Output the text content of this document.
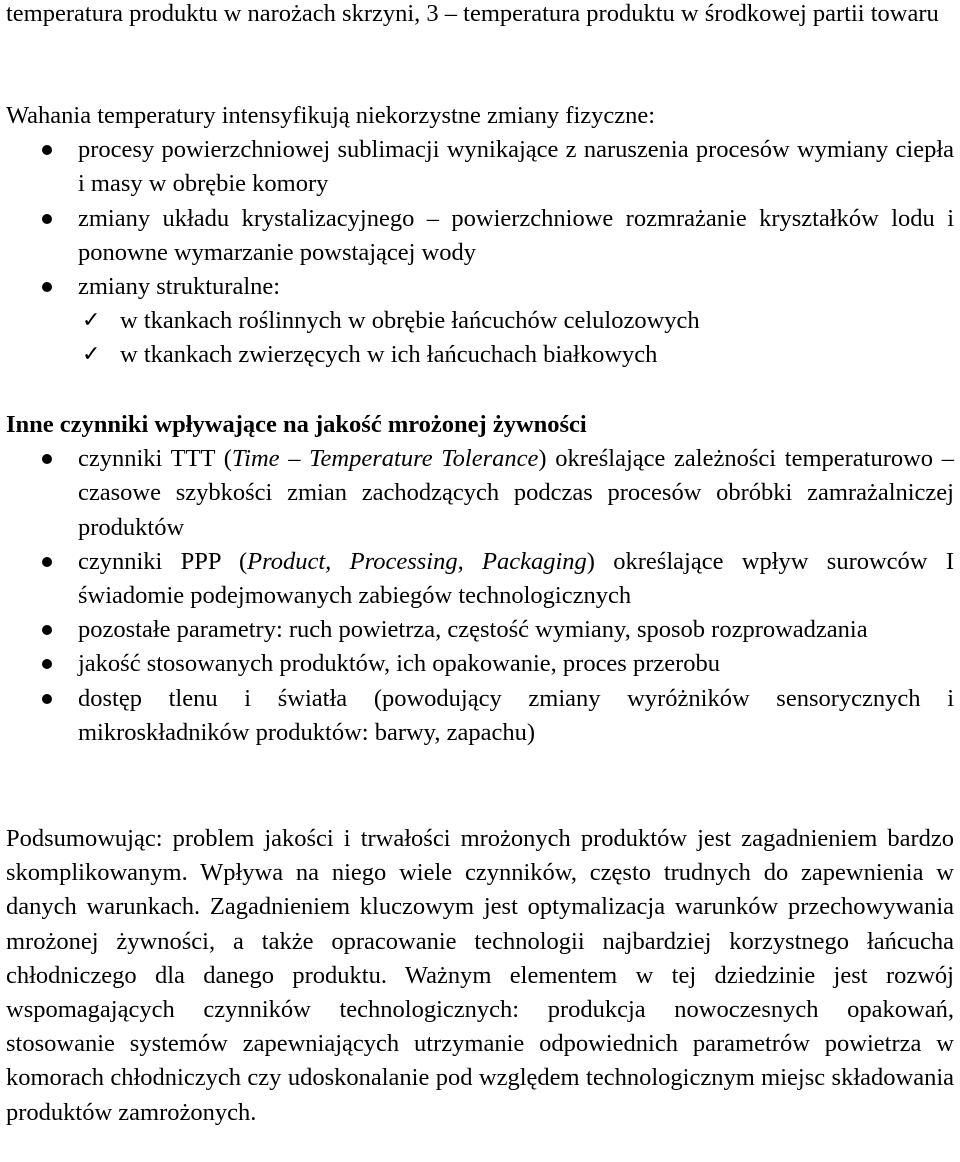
temperatura produktu w narożach skrzyni, 3 – temperatura produktu w środkowej partii towaru

Wahania temperatury intensyfikują niekorzystne zmiany fizyczne:

procesy powierzchniowej sublimacji wynikające z naruszenia procesów wymiany ciepła i masy w obrębie komory
zmiany układu krystalizacyjnego – powierzchniowe rozmrażanie kryształków lodu i ponowne wymarzanie powstającej wody
zmiany strukturalne:
✓ w tkankach roślinnych w obrębie łańcuchów celulozowych
✓ w tkankach zwierzęcych w ich łańcuchach białkowych

Inne czynniki wpływające na jakość mrożonej żywności

czynniki TTT (Time – Temperature Tolerance) określające zależności temperaturowo – czasowe szybkości zmian zachodzących podczas procesów obróbki zamrażalniczej produktów
czynniki PPP (Product, Processing, Packaging) określające wpływ surowców I świadomie podejmowanych zabiegów technologicznych
pozostałe parametry: ruch powietrza, częstość wymiany, sposob rozprowadzania
jakość stosowanych produktów, ich opakowanie, proces przerobu
dostęp tlenu i światła (powodujący zmiany wyróżników sensorycznych i mikroskładników produktów: barwy, zapachu)

Podsumowując: problem jakości i trwałości mrożonych produktów jest zagadnieniem bardzo skomplikowanym. Wpływa na niego wiele czynników, często trudnych do zapewnienia w danych warunkach. Zagadnieniem kluczowym jest optymalizacja warunków przechowywania mrożonej żywności, a także opracowanie technologii najbardziej korzystnego łańcucha chłodniczego dla danego produktu. Ważnym elementem w tej dziedzinie jest rozwój wspomagających czynników technologicznych: produkcja nowoczesnych opakowań, stosowanie systemów zapewniających utrzymanie odpowiednich parametrów powietrza w komorach chłodniczych czy udoskonalanie pod względem technologicznym miejsc składowania produktów zamrożonych.
